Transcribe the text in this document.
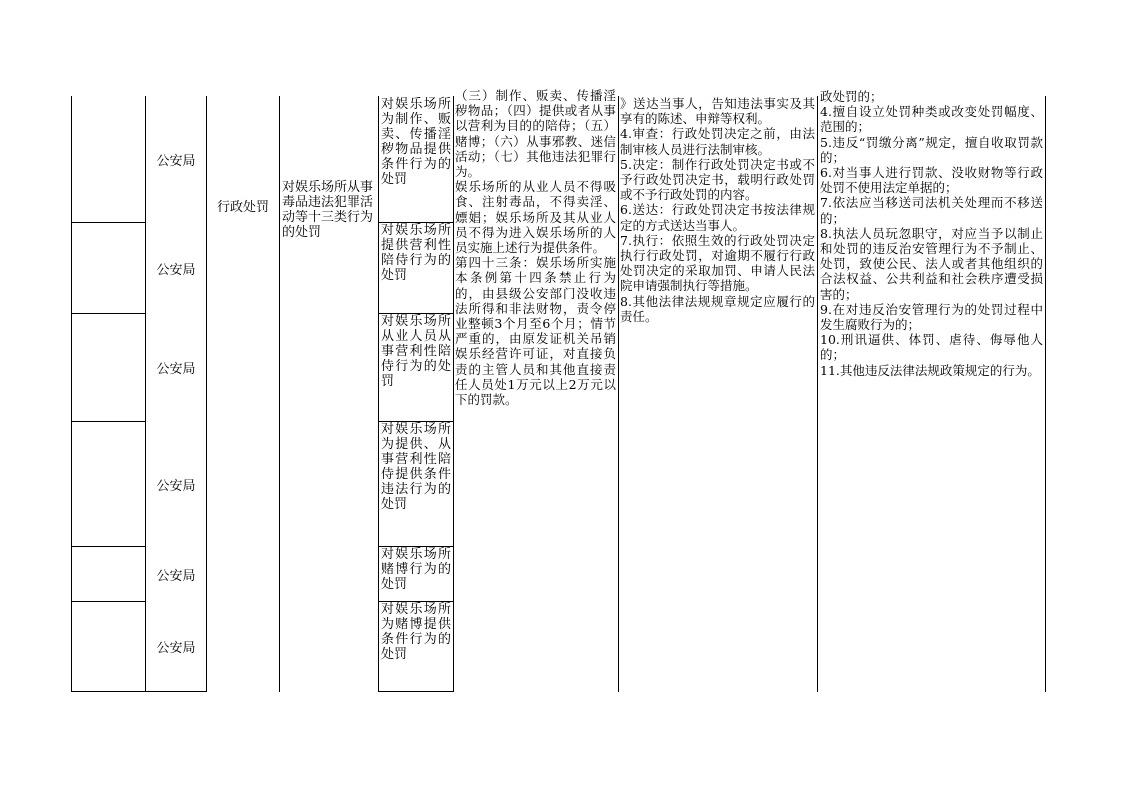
公安局
公安局
公安局
公安局
公安局
公安局
行政处罚
对娱乐场所从事毒品违法犯罪活动等十三类行为的处罚
对娱乐场所为制作、贩卖、传播淫秽物品提供条件行为的处罚
对娱乐场所提供营利性陪侍行为的处罚
对娱乐场所从业人员从事营利性陪侍行为的处罚
对娱乐场所为提供、从事营利性陪侍提供条件违法行为的处罚
对娱乐场所赌博行为的处罚
对娱乐场所为赌博提供条件行为的处罚

（三）制作、贩卖、传播淫秽物品；（四）提供或者从事以营利为目的的陪侍；（五）赌博；（六）从事邪教、迷信活动；（七）其他违法犯罪行为。

娱乐场所的从业人员不得吸食、注射毒品，不得卖淫、嫖娼；娱乐场所及其从业人员不得为进入娱乐场所的人员实施上述行为提供条件。

第四十三条：娱乐场所实施本条例第十四条禁止行为的，由县级公安部门没收违法所得和非法财物，责令停业整顿3个月至6个月；情节严重的，由原发证机关吊销娱乐经营许可证，对直接负责的主管人员和其他直接责任人员处1万元以上2万元以下的罚款。

》送达当事人，告知违法事实及其享有的陈述、申辩等权利。

4.审查：行政处罚决定之前，由法制审核人员进行法制审核。

5.决定：制作行政处罚决定书或不予行政处罚决定书，载明行政处罚或不予行政处罚的内容。

6.送达：行政处罚决定书按法律规定的方式送达当事人。

7.执行：依照生效的行政处罚决定执行行政处罚，对逾期不履行行政处罚决定的采取加罚、申请人民法院申请强制执行等措施。

8.其他法律法规规章规定应履行的责任。

政处罚的；

4.擅自设立处罚种类或改变处罚幅度、范围的；

5.违反“罚缴分离”规定，擅自收取罚款的；

6.对当事人进行罚款、没收财物等行政处罚不使用法定单据的；

7.依法应当移送司法机关处理而不移送的；

8.执法人员玩忽职守，对应当予以制止和处罚的违反治安管理行为不予制止、处罚，致使公民、法人或者其他组织的合法权益、公共利益和社会秩序遭受损害的；

9.在对违反治安管理行为的处罚过程中发生腐败行为的；

10.刑讯逼供、体罚、虐待、侮辱他人的；

11.其他违反法律法规政策规定的行为。
